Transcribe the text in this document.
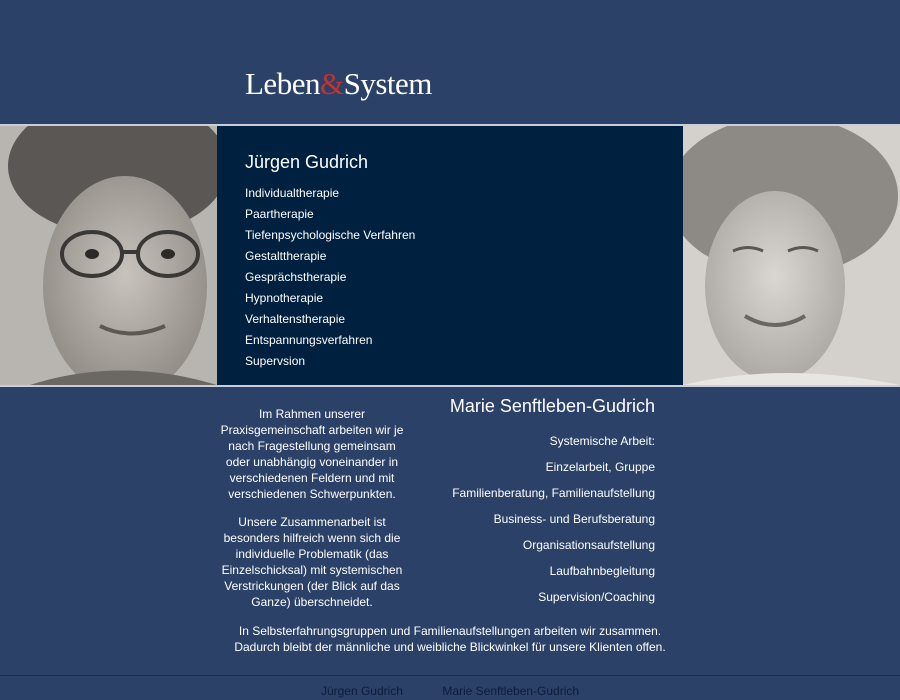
Leben&System
Jürgen Gudrich
Individualtherapie
Paartherapie
Tiefenpsychologische Verfahren
Gestalttherapie
Gesprächstherapie
Hypnotherapie
Verhaltenstherapie
Entspannungsverfahren
Supervsion

Im Rahmen unserer Praxisgemeinschaft arbeiten wir je nach Fragestellung gemeinsam oder unabhängig voneinander in verschiedenen Feldern und mit verschiedenen Schwerpunkten.

Unsere Zusammenarbeit ist besonders hilfreich wenn sich die individuelle Problematik (das Einzelschicksal) mit systemischen Verstrickungen (der Blick auf das Ganze) überschneidet.

Marie Senftleben-Gudrich
Systemische Arbeit:
Einzelarbeit, Gruppe
Familienberatung, Familienaufstellung
Business- und Berufsberatung
Organisationsaufstellung
Laufbahnbegleitung
Supervision/Coaching
In Selbsterfahrungsgruppen und Familienaufstellungen arbeiten wir zusammen.
Dadurch bleibt der männliche und weibliche Blickwinkel für unsere Klienten offen.
Jürgen Gudrich	Marie Senftleben-Gudrich
